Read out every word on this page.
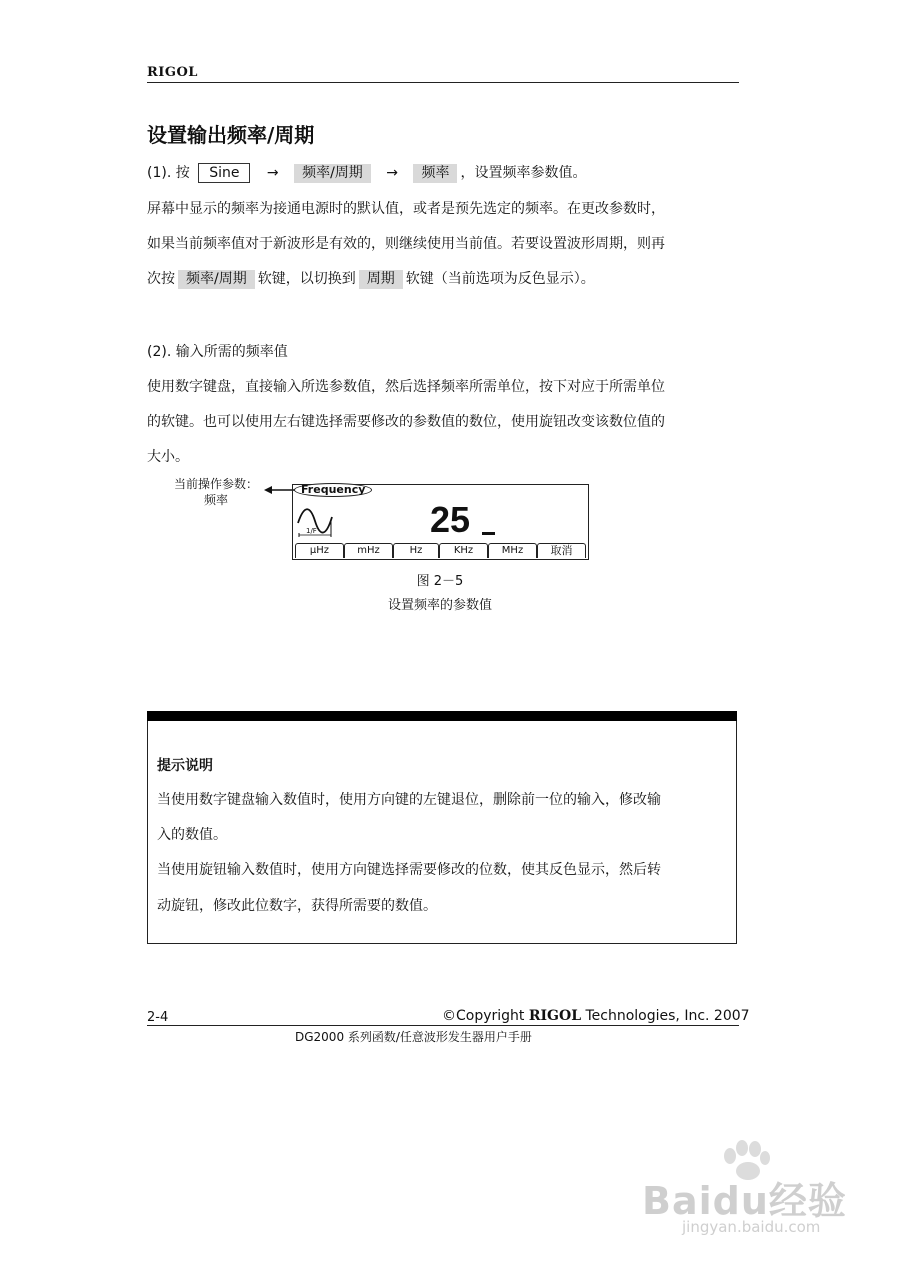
RIGOL
设置输出频率/周期
(1). 按 Sine → 频率/周期 → 频率 ，设置频率参数值。
屏幕中显示的频率为接通电源时的默认值，或者是预先选定的频率。在更改参数时，
如果当前频率值对于新波形是有效的，则继续使用当前值。若要设置波形周期，则再
次按 频率/周期 软键，以切换到 周期 软键（当前选项为反色显示）。
(2). 输入所需的频率值
使用数字键盘，直接输入所选参数值，然后选择频率所需单位，按下对应于所需单位
的软键。也可以使用左右键选择需要修改的参数值的数位，使用旋钮改变该数位值的
大小。
当前操作参数：
频率
Frequency
1/F	25
μHz	mHz	Hz	KHz	MHz	取消
图 2－5
设置频率的参数值
提示说明
当使用数字键盘输入数值时，使用方向键的左键退位，删除前一位的输入，修改输
入的数值。
当使用旋钮输入数值时，使用方向键选择需要修改的位数，使其反色显示，然后转
动旋钮，修改此位数字，获得所需要的数值。
2-4	©Copyright RIGOL Technologies, Inc. 2007
DG2000 系列函数/任意波形发生器用户手册
Baidu经验
jingyan.baidu.com
